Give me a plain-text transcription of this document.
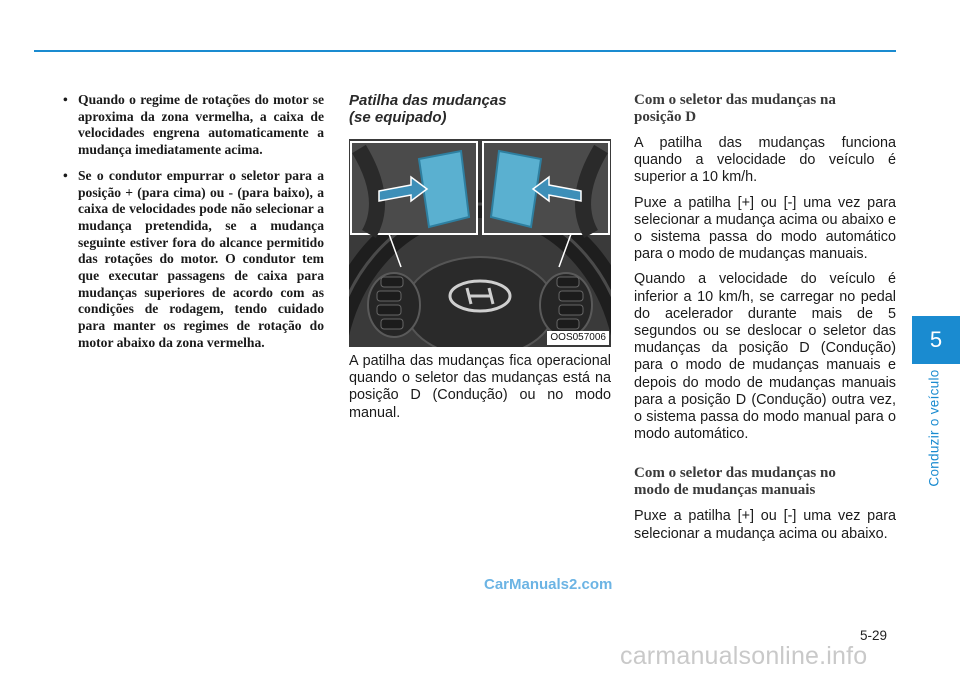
• Quando o regime de rotações do motor se aproxima da zona vermelha, a caixa de velocidades engrena automaticamente a mudança imediatamente acima.
• Se o condutor empurrar o seletor para a posição + (para cima) ou - (para baixo), a caixa de velocidades pode não selecionar a mudança pretendida, se a mudança seguinte estiver fora do alcance permitido das rotações do motor. O condutor tem que executar passagens de caixa para mudanças superiores de acordo com as condições de rodagem, tendo cuidado para manter os regimes de rotação do motor abaixo da zona vermelha.
Patilha das mudanças
(se equipado)
OOS057006

A patilha das mudanças fica operacional quando o seletor das mudanças está na posição D (Condução) ou no modo manual.

Com o seletor das mudanças na
posição D

A patilha das mudanças funciona quando a velocidade do veículo é superior a 10 km/h.

Puxe a patilha [+] ou [-] uma vez para selecionar a mudança acima ou abaixo e o sistema passa do modo automático para o modo de mudanças manuais.

Quando a velocidade do veículo é inferior a 10 km/h, se carregar no pedal do acelerador durante mais de 5 segundos ou se deslocar o seletor das mudanças da posição D (Condução) para o modo de mudanças manuais e depois do modo de mudanças manuais para a posição D (Condução) outra vez, o sistema passa do modo manual para o modo automático.

Com o seletor das mudanças no
modo de mudanças manuais

Puxe a patilha [+] ou [-] uma vez para selecionar a mudança acima ou abaixo.

5
Conduzir o veículo
CarManuals2.com
5-29
carmanualsonline.info
